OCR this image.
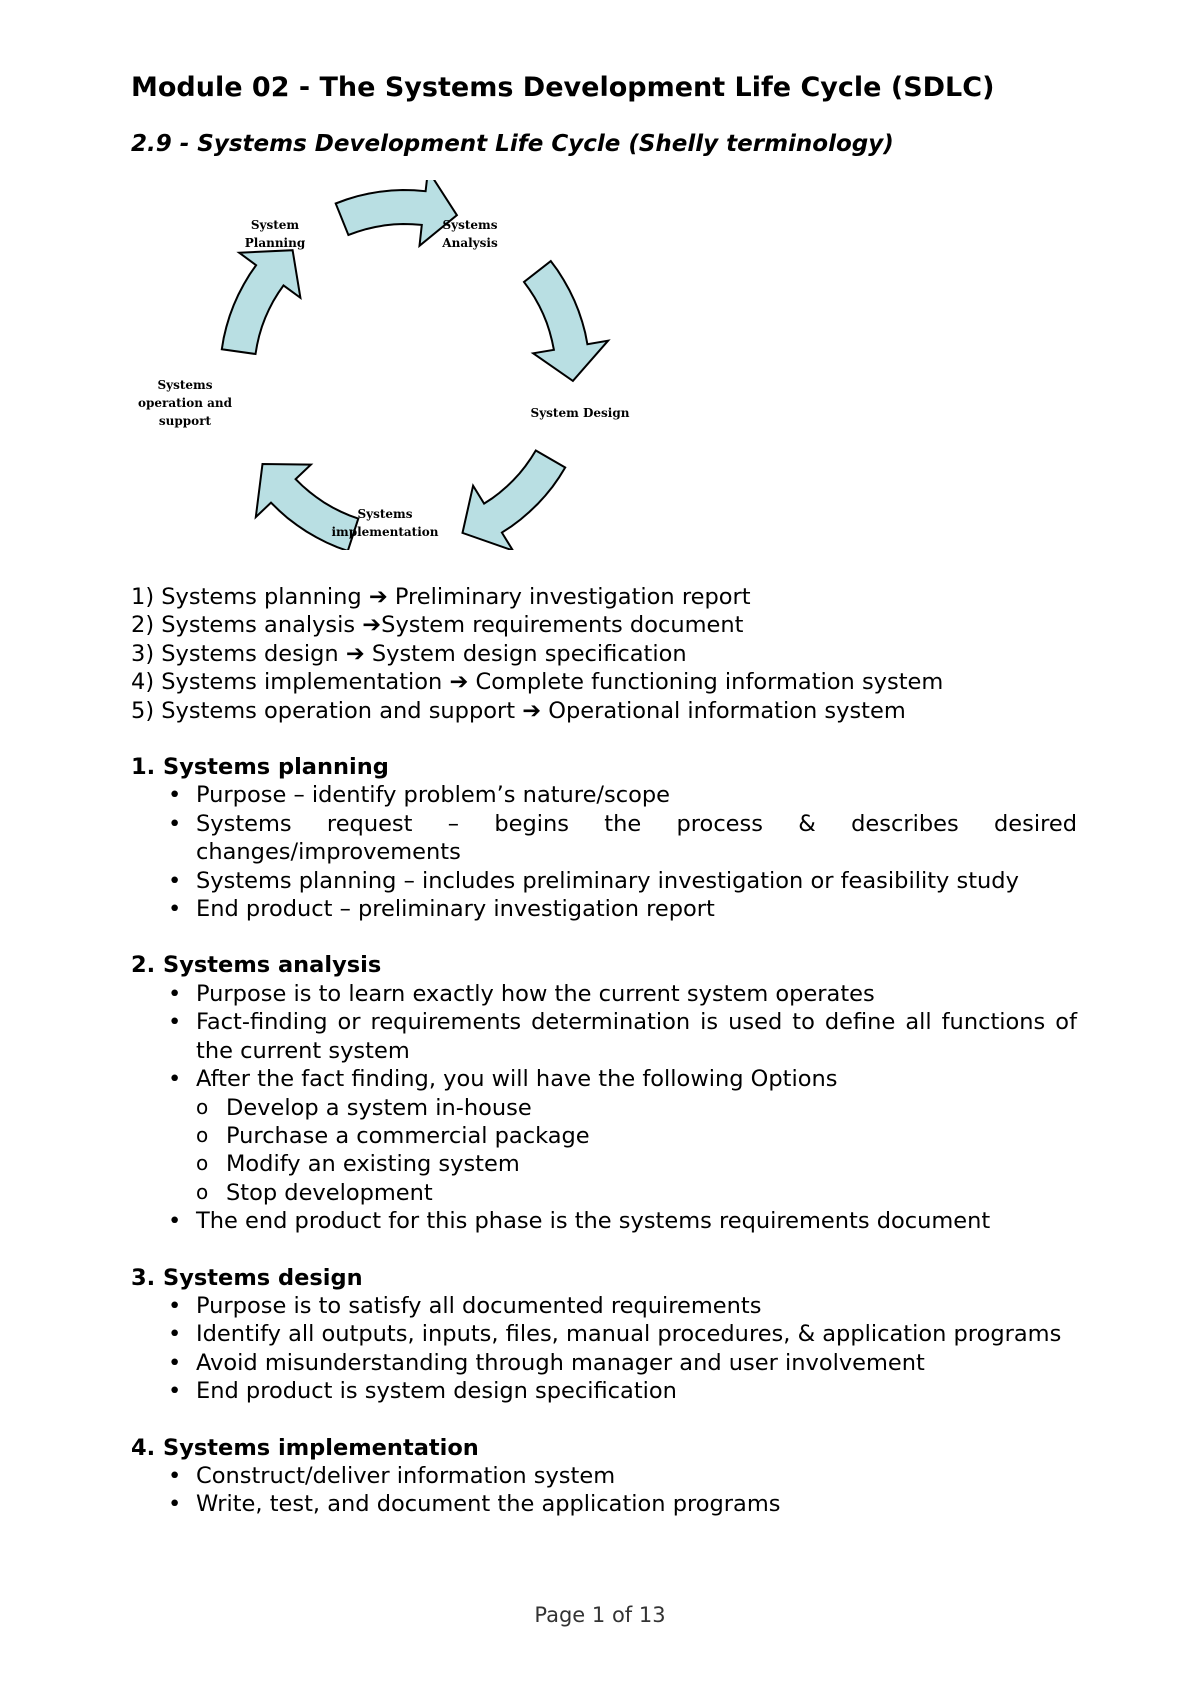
Module 02 - The Systems Development Life Cycle (SDLC)
2.9 - Systems Development Life Cycle (Shelly terminology)
System
Planning
Systems
Analysis
System Design
Systems
implementation
Systems
operation and
support
1) Systems planning ➔ Preliminary investigation report
2) Systems analysis ➔System requirements document
3) Systems design ➔ System design specification
4) Systems implementation ➔ Complete functioning information system
5) Systems operation and support ➔ Operational information system

1. Systems planning

• Purpose – identify problem’s nature/scope
• Systems request – begins the process & describes desired changes/improvements
• Systems planning – includes preliminary investigation or feasibility study
• End product – preliminary investigation report

2. Systems analysis

• Purpose is to learn exactly how the current system operates
• Fact-finding or requirements determination is used to define all functions of the current system
• After the fact finding, you will have the following Options
o Develop a system in-house
o Purchase a commercial package
o Modify an existing system
o Stop development
• The end product for this phase is the systems requirements document

3. Systems design

• Purpose is to satisfy all documented requirements
• Identify all outputs, inputs, files, manual procedures, & application programs
• Avoid misunderstanding through manager and user involvement
• End product is system design specification

4. Systems implementation

• Construct/deliver information system
• Write, test, and document the application programs
Page 1 of 13
